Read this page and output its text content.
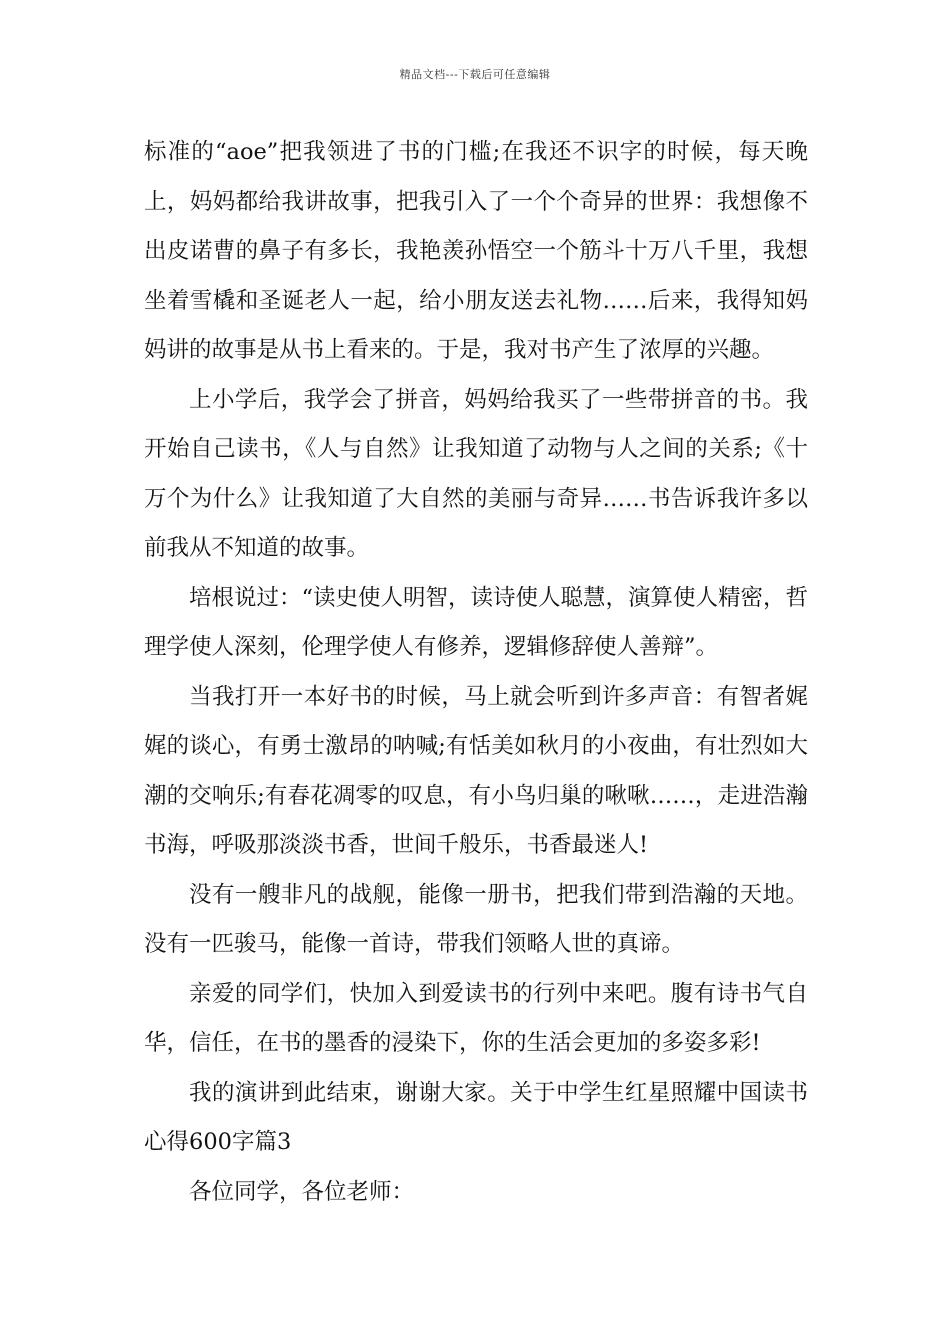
精品文档---下载后可任意编辑

标准的“aoe”把我领进了书的门槛;在我还不识字的时候，每天晚上，妈妈都给我讲故事，把我引入了一个个奇异的世界：我想像不出皮诺曹的鼻子有多长，我艳羡孙悟空一个筋斗十万八千里，我想坐着雪橇和圣诞老人一起，给小朋友送去礼物……后来，我得知妈妈讲的故事是从书上看来的。于是，我对书产生了浓厚的兴趣。

上小学后，我学会了拼音，妈妈给我买了一些带拼音的书。我开始自己读书，《人与自然》让我知道了动物与人之间的关系;《十万个为什么》让我知道了大自然的美丽与奇异……书告诉我许多以前我从不知道的故事。

培根说过：“读史使人明智，读诗使人聪慧，演算使人精密，哲理学使人深刻，伦理学使人有修养，逻辑修辞使人善辩”。

当我打开一本好书的时候，马上就会听到许多声音：有智者娓娓的谈心，有勇士激昂的呐喊;有恬美如秋月的小夜曲，有壮烈如大潮的交响乐;有春花凋零的叹息，有小鸟归巢的啾啾……，走进浩瀚书海，呼吸那淡淡书香，世间千般乐，书香最迷人!

没有一艘非凡的战舰，能像一册书，把我们带到浩瀚的天地。没有一匹骏马，能像一首诗，带我们领略人世的真谛。

亲爱的同学们，快加入到爱读书的行列中来吧。腹有诗书气自华，信任，在书的墨香的浸染下，你的生活会更加的多姿多彩!

我的演讲到此结束，谢谢大家。关于中学生红星照耀中国读书心得600字篇3

各位同学，各位老师：
